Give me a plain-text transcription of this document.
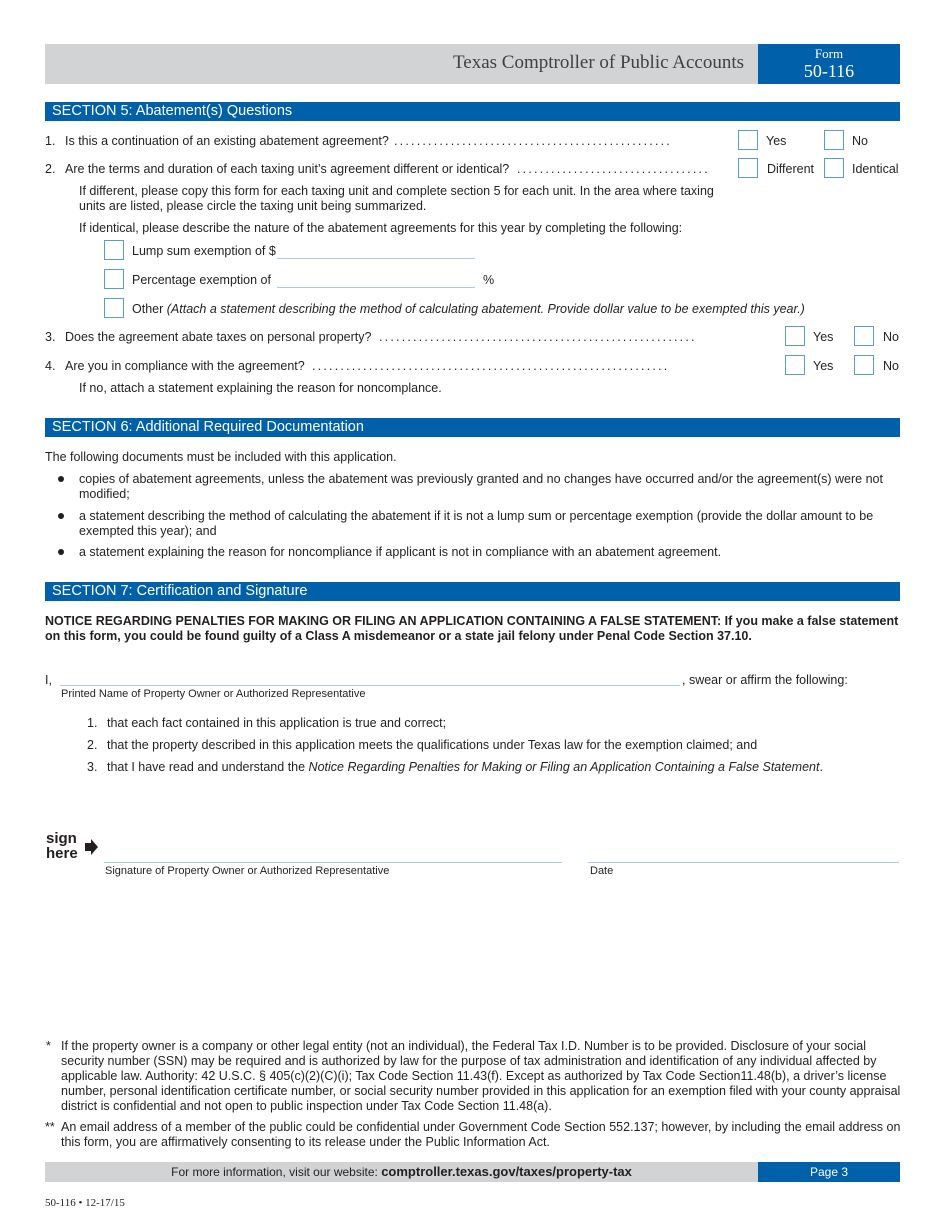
Texas Comptroller of Public Accounts	Form
50-116
SECTION 5: Abatement(s) Questions
1. Is this a continuation of an existing abatement agreement? .................................................	Yes	No
2. Are the terms and duration of each taxing unit’s agreement different or identical? ..................................	Different	Identical
If different, please copy this form for each taxing unit and complete section 5 for each unit. In the area where taxing
units are listed, please circle the taxing unit being summarized.
If identical, please describe the nature of the abatement agreements for this year by completing the following:
Lump sum exemption of $
Percentage exemption of	%
Other (Attach a statement describing the method of calculating abatement. Provide dollar value to be exempted this year.)
3. Does the agreement abate taxes on personal property? ........................................................	Yes	No
4. Are you in compliance with the agreement? ...............................................................	Yes	No
If no, attach a statement explaining the reason for noncomplance.
SECTION 6: Additional Required Documentation
The following documents must be included with this application.
copies of abatement agreements, unless the abatement was previously granted and no changes have occurred and/or the agreement(s) were not
modified;
a statement describing the method of calculating the abatement if it is not a lump sum or percentage exemption (provide the dollar amount to be
exempted this year); and
a statement explaining the reason for noncompliance if applicant is not in compliance with an abatement agreement.
SECTION 7: Certification and Signature
NOTICE REGARDING PENALTIES FOR MAKING OR FILING AN APPLICATION CONTAINING A FALSE STATEMENT: If you make a false statement
on this form, you could be found guilty of a Class A misdemeanor or a state jail felony under Penal Code Section 37.10.
I,	, swear or affirm the following:
Printed Name of Property Owner or Authorized Representative
1. that each fact contained in this application is true and correct;
2. that the property described in this application meets the qualifications under Texas law for the exemption claimed; and
3. that I have read and understand the Notice Regarding Penalties for Making or Filing an Application Containing a False Statement.
sign
here
Signature of Property Owner or Authorized Representative	Date
* If the property owner is a company or other legal entity (not an individual), the Federal Tax I.D. Number is to be provided. Disclosure of your social
security number (SSN) may be required and is authorized by law for the purpose of tax administration and identification of any individual affected by
applicable law. Authority: 42 U.S.C. § 405(c)(2)(C)(i); Tax Code Section 11.43(f). Except as authorized by Tax Code Section11.48(b), a driver’s license
number, personal identification certificate number, or social security number provided in this application for an exemption filed with your county appraisal
district is confidential and not open to public inspection under Tax Code Section 11.48(a).
** An email address of a member of the public could be confidential under Government Code Section 552.137; however, by including the email address on
this form, you are affirmatively consenting to its release under the Public Information Act.
For more information, visit our website: comptroller.texas.gov/taxes/property-tax	Page 3
50-116 • 12-17/15
